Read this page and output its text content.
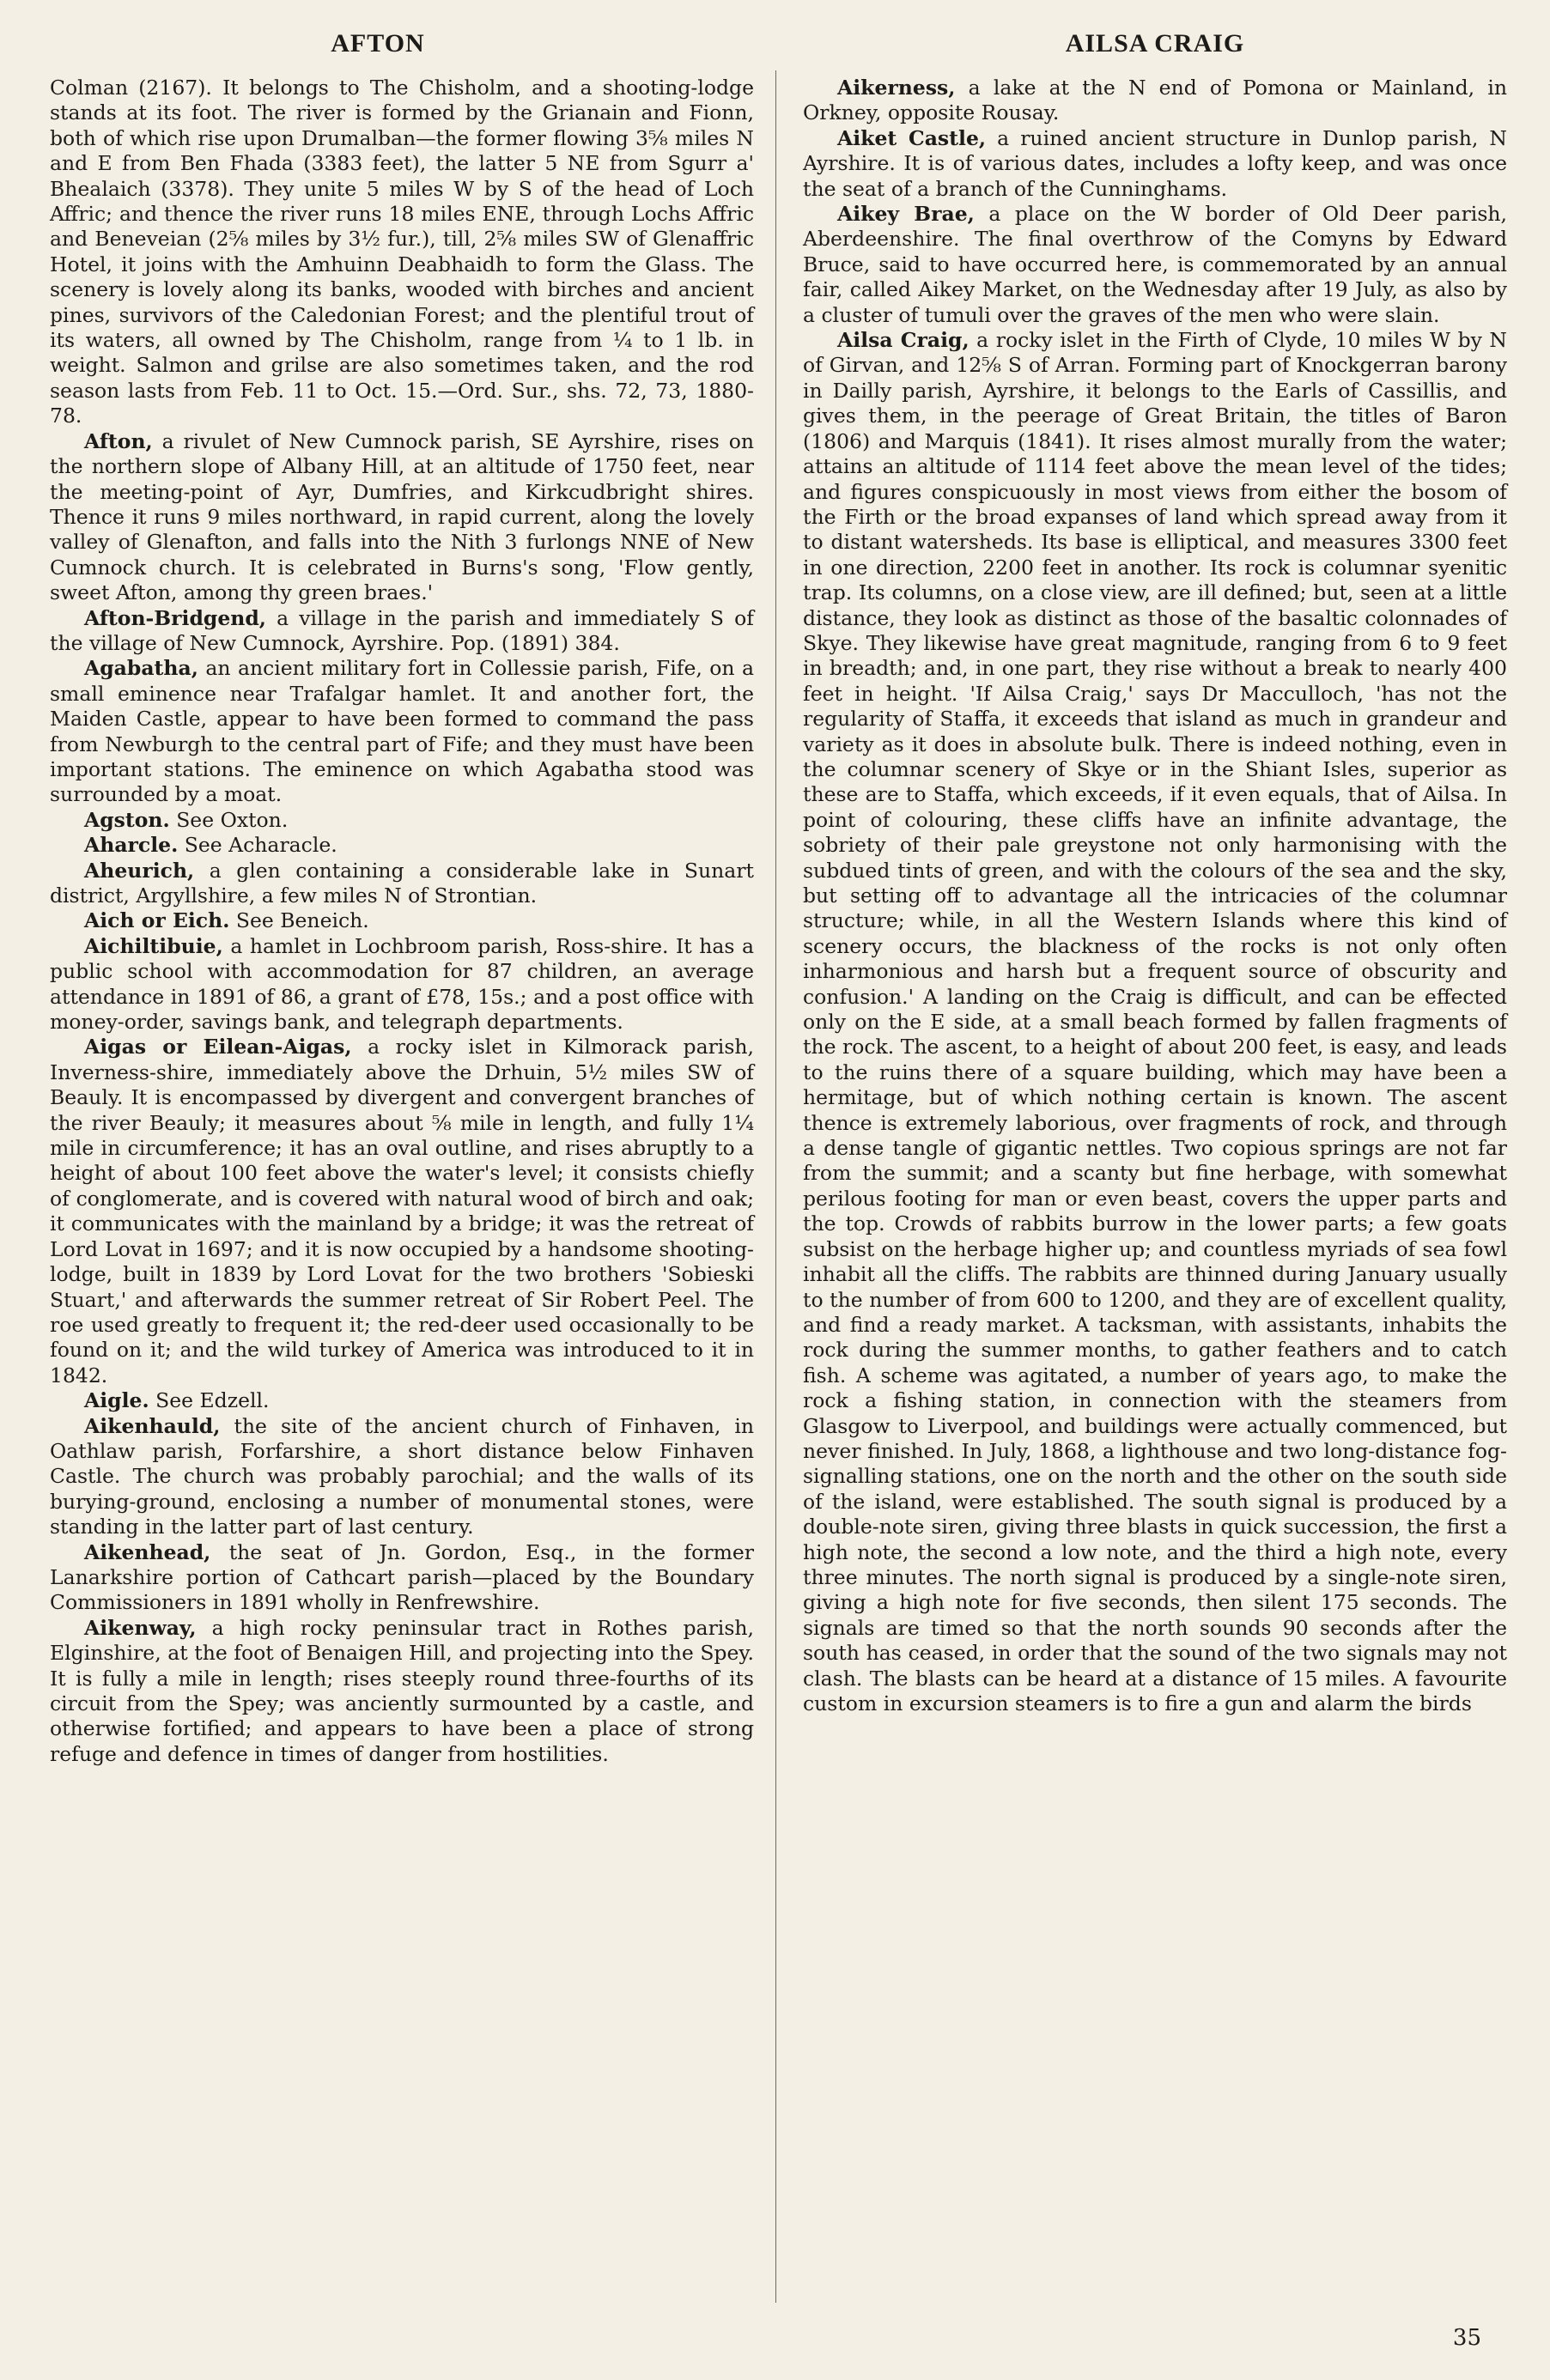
AFTON	AILSA CRAIG

Colman (2167). It belongs to The Chisholm, and a shooting-lodge stands at its foot. The river is formed by the Grianain and Fionn, both of which rise upon Drumalban—the former flowing 3⅝ miles N and E from Ben Fhada (3383 feet), the latter 5 NE from Sgurr a' Bhealaich (3378). They unite 5 miles W by S of the head of Loch Affric; and thence the river runs 18 miles ENE, through Lochs Affric and Beneveian (2⅝ miles by 3½ fur.), till, 2⅝ miles SW of Glenaffric Hotel, it joins with the Amhuinn Deabhaidh to form the Glass. The scenery is lovely along its banks, wooded with birches and ancient pines, survivors of the Caledonian Forest; and the plentiful trout of its waters, all owned by The Chisholm, range from ¼ to 1 lb. in weight. Salmon and grilse are also sometimes taken, and the rod season lasts from Feb. 11 to Oct. 15.—Ord. Sur., shs. 72, 73, 1880-78.

Afton, a rivulet of New Cumnock parish, SE Ayrshire, rises on the northern slope of Albany Hill, at an altitude of 1750 feet, near the meeting-point of Ayr, Dumfries, and Kirkcudbright shires. Thence it runs 9 miles northward, in rapid current, along the lovely valley of Glenafton, and falls into the Nith 3 furlongs NNE of New Cumnock church. It is celebrated in Burns's song, 'Flow gently, sweet Afton, among thy green braes.'

Afton-Bridgend, a village in the parish and immediately S of the village of New Cumnock, Ayrshire. Pop. (1891) 384.

Agabatha, an ancient military fort in Collessie parish, Fife, on a small eminence near Trafalgar hamlet. It and another fort, the Maiden Castle, appear to have been formed to command the pass from Newburgh to the central part of Fife; and they must have been important stations. The eminence on which Agabatha stood was surrounded by a moat.

Agston. See Oxton.

Aharcle. See Acharacle.

Aheurich, a glen containing a considerable lake in Sunart district, Argyllshire, a few miles N of Strontian.

Aich or Eich. See Beneich.

Aichiltibuie, a hamlet in Lochbroom parish, Ross-shire. It has a public school with accommodation for 87 children, an average attendance in 1891 of 86, a grant of £78, 15s.; and a post office with money-order, savings bank, and telegraph departments.

Aigas or Eilean-Aigas, a rocky islet in Kilmorack parish, Inverness-shire, immediately above the Drhuin, 5½ miles SW of Beauly. It is encompassed by divergent and convergent branches of the river Beauly; it measures about ⅝ mile in length, and fully 1¼ mile in circumference; it has an oval outline, and rises abruptly to a height of about 100 feet above the water's level; it consists chiefly of conglomerate, and is covered with natural wood of birch and oak; it communicates with the mainland by a bridge; it was the retreat of Lord Lovat in 1697; and it is now occupied by a handsome shooting-lodge, built in 1839 by Lord Lovat for the two brothers 'Sobieski Stuart,' and afterwards the summer retreat of Sir Robert Peel. The roe used greatly to frequent it; the red-deer used occasionally to be found on it; and the wild turkey of America was introduced to it in 1842.

Aigle. See Edzell.

Aikenhauld, the site of the ancient church of Finhaven, in Oathlaw parish, Forfarshire, a short distance below Finhaven Castle. The church was probably parochial; and the walls of its burying-ground, enclosing a number of monumental stones, were standing in the latter part of last century.

Aikenhead, the seat of Jn. Gordon, Esq., in the former Lanarkshire portion of Cathcart parish—placed by the Boundary Commissioners in 1891 wholly in Renfrewshire.

Aikenway, a high rocky peninsular tract in Rothes parish, Elginshire, at the foot of Benaigen Hill, and projecting into the Spey. It is fully a mile in length; rises steeply round three-fourths of its circuit from the Spey; was anciently surmounted by a castle, and otherwise fortified; and appears to have been a place of strong refuge and defence in times of danger from hostilities.

Aikerness, a lake at the N end of Pomona or Mainland, in Orkney, opposite Rousay.

Aiket Castle, a ruined ancient structure in Dunlop parish, N Ayrshire. It is of various dates, includes a lofty keep, and was once the seat of a branch of the Cunninghams.

Aikey Brae, a place on the W border of Old Deer parish, Aberdeenshire. The final overthrow of the Comyns by Edward Bruce, said to have occurred here, is commemorated by an annual fair, called Aikey Market, on the Wednesday after 19 July, as also by a cluster of tumuli over the graves of the men who were slain.

Ailsa Craig, a rocky islet in the Firth of Clyde, 10 miles W by N of Girvan, and 12⅝ S of Arran. Forming part of Knockgerran barony in Dailly parish, Ayrshire, it belongs to the Earls of Cassillis, and gives them, in the peerage of Great Britain, the titles of Baron (1806) and Marquis (1841). It rises almost murally from the water; attains an altitude of 1114 feet above the mean level of the tides; and figures conspicuously in most views from either the bosom of the Firth or the broad expanses of land which spread away from it to distant watersheds. Its base is elliptical, and measures 3300 feet in one direction, 2200 feet in another. Its rock is columnar syenitic trap. Its columns, on a close view, are ill defined; but, seen at a little distance, they look as distinct as those of the basaltic colonnades of Skye. They likewise have great magnitude, ranging from 6 to 9 feet in breadth; and, in one part, they rise without a break to nearly 400 feet in height. 'If Ailsa Craig,' says Dr Macculloch, 'has not the regularity of Staffa, it exceeds that island as much in grandeur and variety as it does in absolute bulk. There is indeed nothing, even in the columnar scenery of Skye or in the Shiant Isles, superior as these are to Staffa, which exceeds, if it even equals, that of Ailsa. In point of colouring, these cliffs have an infinite advantage, the sobriety of their pale greystone not only harmonising with the subdued tints of green, and with the colours of the sea and the sky, but setting off to advantage all the intricacies of the columnar structure; while, in all the Western Islands where this kind of scenery occurs, the blackness of the rocks is not only often inharmonious and harsh but a frequent source of obscurity and confusion.' A landing on the Craig is difficult, and can be effected only on the E side, at a small beach formed by fallen fragments of the rock. The ascent, to a height of about 200 feet, is easy, and leads to the ruins there of a square building, which may have been a hermitage, but of which nothing certain is known. The ascent thence is extremely laborious, over fragments of rock, and through a dense tangle of gigantic nettles. Two copious springs are not far from the summit; and a scanty but fine herbage, with somewhat perilous footing for man or even beast, covers the upper parts and the top. Crowds of rabbits burrow in the lower parts; a few goats subsist on the herbage higher up; and countless myriads of sea fowl inhabit all the cliffs. The rabbits are thinned during January usually to the number of from 600 to 1200, and they are of excellent quality, and find a ready market. A tacksman, with assistants, inhabits the rock during the summer months, to gather feathers and to catch fish. A scheme was agitated, a number of years ago, to make the rock a fishing station, in connection with the steamers from Glasgow to Liverpool, and buildings were actually commenced, but never finished. In July, 1868, a lighthouse and two long-distance fog-signalling stations, one on the north and the other on the south side of the island, were established. The south signal is produced by a double-note siren, giving three blasts in quick succession, the first a high note, the second a low note, and the third a high note, every three minutes. The north signal is produced by a single-note siren, giving a high note for five seconds, then silent 175 seconds. The signals are timed so that the north sounds 90 seconds after the south has ceased, in order that the sound of the two signals may not clash. The blasts can be heard at a distance of 15 miles. A favourite custom in excursion steamers is to fire a gun and alarm the birds

35
